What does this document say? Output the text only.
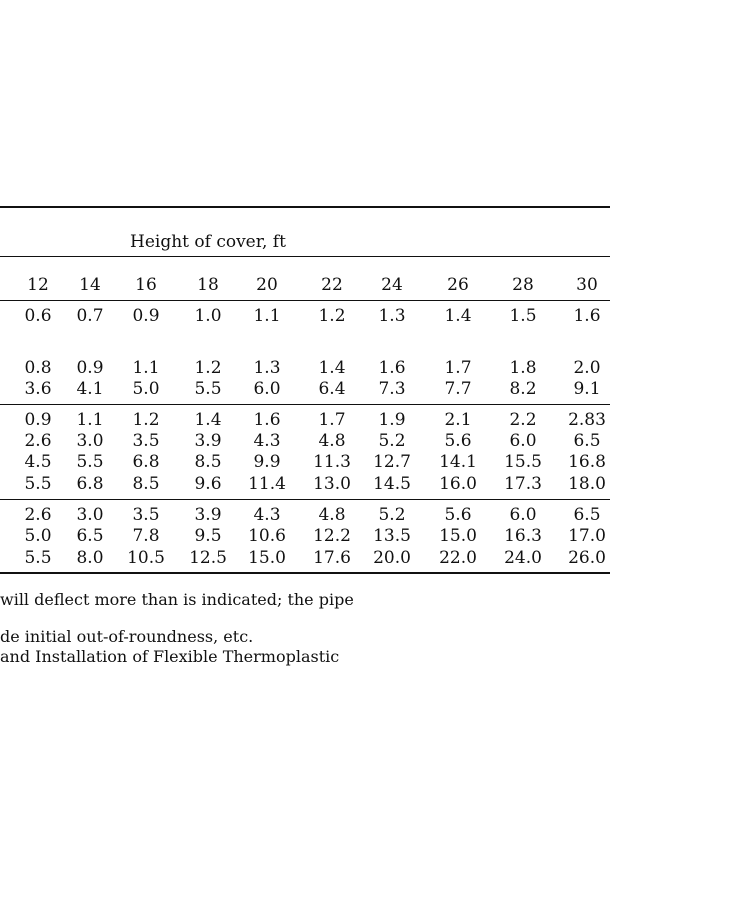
Height of cover, ft
12	14	16	18	20	22	24	26	28	30
0.6	0.7	0.9	1.0	1.1	1.2	1.3	1.4	1.5	1.6
0.8	0.9	1.1	1.2	1.3	1.4	1.6	1.7	1.8	2.0
3.6	4.1	5.0	5.5	6.0	6.4	7.3	7.7	8.2	9.1
0.9	1.1	1.2	1.4	1.6	1.7	1.9	2.1	2.2	2.83
2.6	3.0	3.5	3.9	4.3	4.8	5.2	5.6	6.0	6.5
4.5	5.5	6.8	8.5	9.9	11.3	12.7	14.1	15.5	16.8
5.5	6.8	8.5	9.6	11.4	13.0	14.5	16.0	17.3	18.0
2.6	3.0	3.5	3.9	4.3	4.8	5.2	5.6	6.0	6.5
5.0	6.5	7.8	9.5	10.6	12.2	13.5	15.0	16.3	17.0
5.5	8.0	10.5	12.5	15.0	17.6	20.0	22.0	24.0	26.0
will deflect more than is indicated; the pipe
de initial out-of-roundness, etc.
and Installation of Flexible Thermoplastic
